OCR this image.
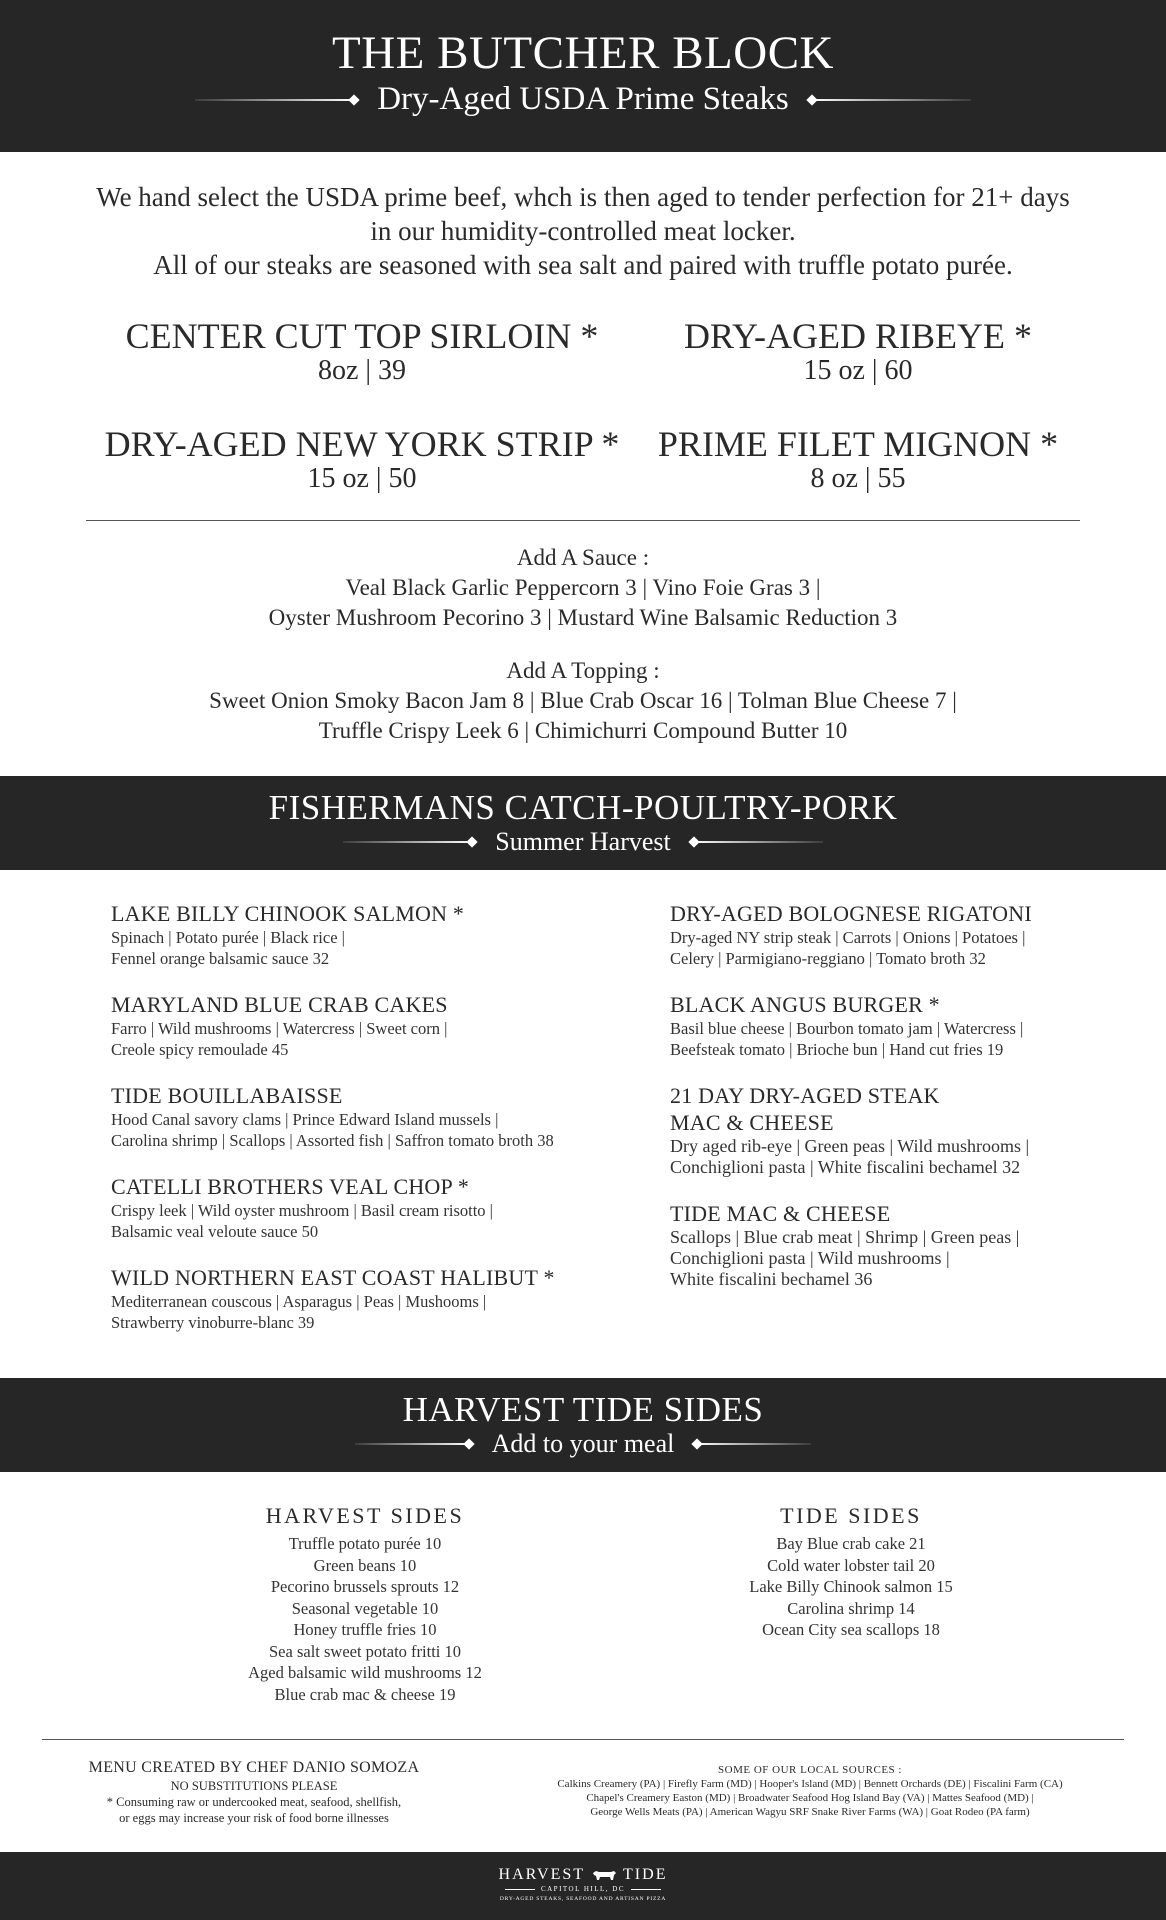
THE BUTCHER BLOCK
Dry-Aged USDA Prime Steaks
We hand select the USDA prime beef, whch is then aged to tender perfection for 21+ days
in our humidity-controlled meat locker.
All of our steaks are seasoned with sea salt and paired with truffle potato purée.
CENTER CUT TOP SIRLOIN *
8oz | 39
DRY-AGED RIBEYE *
15 oz | 60
DRY-AGED NEW YORK STRIP *
15 oz | 50
PRIME FILET MIGNON *
8 oz | 55
Add A Sauce :
Veal Black Garlic Peppercorn 3 | Vino Foie Gras 3 |
Oyster Mushroom Pecorino 3 | Mustard Wine Balsamic Reduction 3
Add A Topping :
Sweet Onion Smoky Bacon Jam 8 | Blue Crab Oscar 16 | Tolman Blue Cheese 7 |
Truffle Crispy Leek 6 | Chimichurri Compound Butter 10
FISHERMANS CATCH-POULTRY-PORK
Summer Harvest
LAKE BILLY CHINOOK SALMON *
Spinach | Potato purée | Black rice |
Fennel orange balsamic sauce 32
MARYLAND BLUE CRAB CAKES
Farro | Wild mushrooms | Watercress | Sweet corn |
Creole spicy remoulade 45
TIDE BOUILLABAISSE
Hood Canal savory clams | Prince Edward Island mussels |
Carolina shrimp | Scallops | Assorted fish | Saffron tomato broth 38
CATELLI BROTHERS VEAL CHOP *
Crispy leek | Wild oyster mushroom | Basil cream risotto |
Balsamic veal veloute sauce 50
WILD NORTHERN EAST COAST HALIBUT *
Mediterranean couscous | Asparagus | Peas | Mushooms |
Strawberry vinoburre-blanc 39
DRY-AGED BOLOGNESE RIGATONI
Dry-aged NY strip steak | Carrots | Onions | Potatoes |
Celery | Parmigiano-reggiano | Tomato broth 32
BLACK ANGUS BURGER *
Basil blue cheese | Bourbon tomato jam | Watercress |
Beefsteak tomato | Brioche bun | Hand cut fries 19
21 DAY DRY-AGED STEAK
MAC & CHEESE
Dry aged rib-eye | Green peas | Wild mushrooms |
Conchiglioni pasta | White fiscalini bechamel 32
TIDE MAC & CHEESE
Scallops | Blue crab meat | Shrimp | Green peas |
Conchiglioni pasta | Wild mushrooms |
White fiscalini bechamel 36
HARVEST TIDE SIDES
Add to your meal
HARVEST SIDES
Truffle potato purée 10
Green beans 10
Pecorino brussels sprouts 12
Seasonal vegetable 10
Honey truffle fries 10
Sea salt sweet potato fritti 10
Aged balsamic wild mushrooms 12
Blue crab mac & cheese 19
TIDE SIDES
Bay Blue crab cake 21
Cold water lobster tail 20
Lake Billy Chinook salmon 15
Carolina shrimp 14
Ocean City sea scallops 18
MENU CREATED BY CHEF DANIO SOMOZA
NO SUBSTITUTIONS PLEASE
* Consuming raw or undercooked meat, seafood, shellfish,
or eggs may increase your risk of food borne illnesses
SOME OF OUR LOCAL SOURCES :
Calkins Creamery (PA) | Firefly Farm (MD) | Hooper's Island (MD) | Bennett Orchards (DE) | Fiscalini Farm (CA)
Chapel's Creamery Easton (MD) | Broadwater Seafood Hog Island Bay (VA) | Mattes Seafood (MD) |
George Wells Meats (PA) | American Wagyu SRF Snake River Farms (WA) | Goat Rodeo (PA farm)
HARVEST TIDE
CAPITOL HILL, DC
DRY-AGED STEAKS, SEAFOOD AND ARTISAN PIZZA
